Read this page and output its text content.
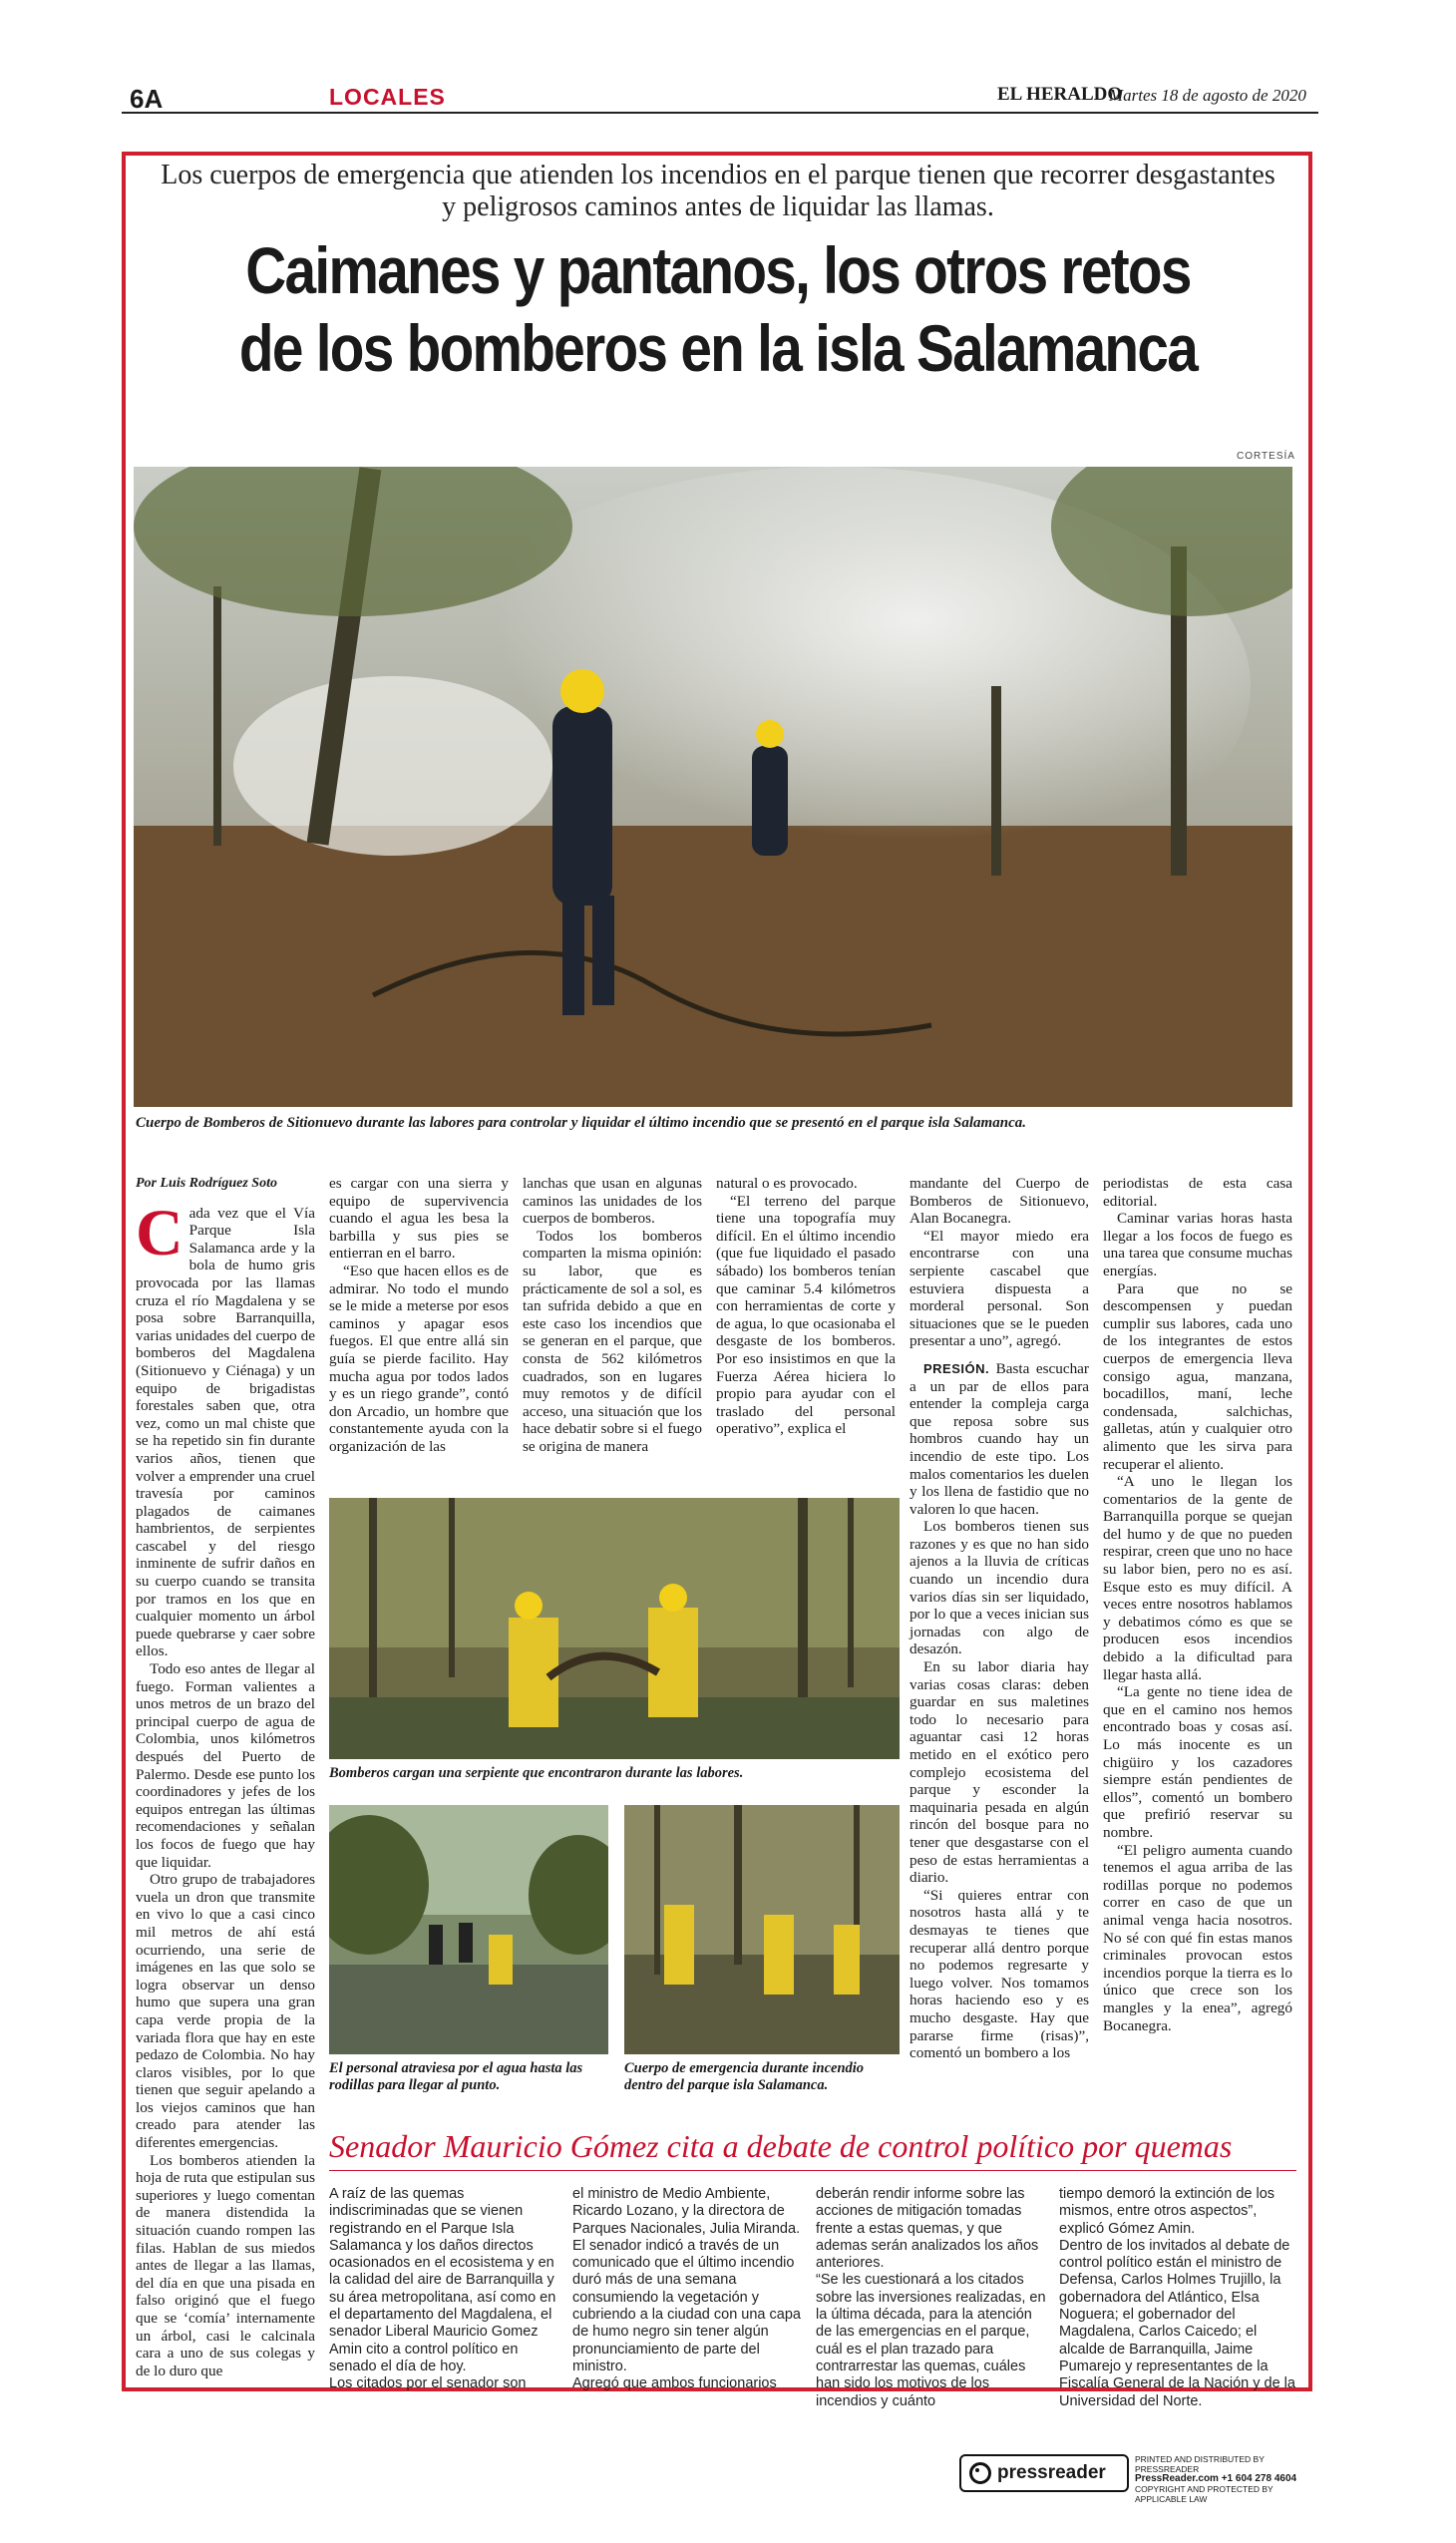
6A	LOCALES	EL HERALDO
Martes 18 de agosto de 2020
Los cuerpos de emergencia que atienden los incendios en el parque tienen que recorrer desgastantes y peligrosos caminos antes de liquidar las llamas.
Caimanes y pantanos, los otros retos de los bomberos en la isla Salamanca
CORTESÍA
Cuerpo de Bomberos de Sitionuevo durante las labores para controlar y liquidar el último incendio que se presentó en el parque isla Salamanca.
Por Luis Rodríguez Soto
C ada vez que el Vía Parque Isla Salamanca arde y la bola de humo gris provocada por las llamas cruza el río Magdalena y se posa sobre Barranquilla, varias unidades del cuerpo de bomberos del Magdalena (Sitionuevo y Ciénaga) y un equipo de brigadistas forestales saben que, otra vez, como un mal chiste que se ha repetido sin fin durante varios años, tienen que volver a emprender una cruel travesía por caminos plagados de caimanes hambrientos, de serpientes cascabel y del riesgo inminente de sufrir daños en su cuerpo cuando se transita por tramos en los que en cualquier momento un árbol puede quebrarse y caer sobre ellos.

Todo eso antes de llegar al fuego. Forman valientes a unos metros de un brazo del principal cuerpo de agua de Colombia, unos kilómetros después del Puerto de Palermo. Desde ese punto los coordinadores y jefes de los equipos entregan las últimas recomendaciones y señalan los focos de fuego que hay que liquidar.

Otro grupo de trabajadores vuela un dron que transmite en vivo lo que a casi cinco mil metros de ahí está ocurriendo, una serie de imágenes en las que solo se logra observar un denso humo que supera una gran capa verde propia de la variada flora que hay en este pedazo de Colombia. No hay claros visibles, por lo que tienen que seguir apelando a los viejos caminos que han creado para atender las diferentes emergencias.

Los bomberos atienden la hoja de ruta que estipulan sus superiores y luego comentan de manera distendida la situación cuando rompen las filas. Hablan de sus miedos antes de llegar a las llamas, del día en que una pisada en falso originó que el fuego que se ‘comía’ internamente un árbol, casi le calcinala cara a uno de sus colegas y de lo duro que

es cargar con una sierra y equipo de supervivencia cuando el agua les besa la barbilla y sus pies se entierran en el barro.

“Eso que hacen ellos es de admirar. No todo el mundo se le mide a meterse por esos caminos y apagar esos fuegos. El que entre allá sin guía se pierde facilito. Hay mucha agua por todos lados y es un riego grande”, contó don Arcadio, un hombre que constantemente ayuda con la organización de las

lanchas que usan en algunas caminos las unidades de los cuerpos de bomberos.

Todos los bomberos comparten la misma opinión: su labor, que es prácticamente de sol a sol, es tan sufrida debido a que en este caso los incendios que se generan en el parque, que consta de 562 kilómetros cuadrados, son en lugares muy remotos y de difícil acceso, una situación que los hace debatir sobre si el fuego se origina de manera

natural o es provocado.

“El terreno del parque tiene una topografía muy difícil. En el último incendio (que fue liquidado el pasado sábado) los bomberos tenían que caminar 5.4 kilómetros con herramientas de corte y de agua, lo que ocasionaba el desgaste de los bomberos. Por eso insistimos en que la Fuerza Aérea hiciera lo propio para ayudar con el traslado del personal operativo”, explica el

mandante del Cuerpo de Bomberos de Sitionuevo, Alan Bocanegra.

“El mayor miedo era encontrarse con una serpiente cascabel que estuviera dispuesta a morderal personal. Son situaciones que se le pueden presentar a uno”, agregó.

PRESIÓN. Basta escuchar a un par de ellos para entender la compleja carga que reposa sobre sus hombros cuando hay un incendio de este tipo. Los malos comentarios les duelen y los llena de fastidio que no valoren lo que hacen.

Los bomberos tienen sus razones y es que no han sido ajenos a la lluvia de críticas cuando un incendio dura varios días sin ser liquidado, por lo que a veces inician sus jornadas con algo de desazón.

En su labor diaria hay varias cosas claras: deben guardar en sus maletines todo lo necesario para aguantar casi 12 horas metido en el exótico pero complejo ecosistema del parque y esconder la maquinaria pesada en algún rincón del bosque para no tener que desgastarse con el peso de estas herramientas a diario.

“Si quieres entrar con nosotros hasta allá y te desmayas te tienes que recuperar allá dentro porque no podemos regresarte y luego volver. Nos tomamos horas haciendo eso y es mucho desgaste. Hay que pararse firme (risas)”, comentó un bombero a los

periodistas de esta casa editorial.

Caminar varias horas hasta llegar a los focos de fuego es una tarea que consume muchas energías.

Para que no se descompensen y puedan cumplir sus labores, cada uno de los integrantes de estos cuerpos de emergencia lleva consigo agua, manzana, bocadillos, maní, leche condensada, salchichas, galletas, atún y cualquier otro alimento que les sirva para recuperar el aliento.

“A uno le llegan los comentarios de la gente de Barranquilla porque se quejan del humo y de que no pueden respirar, creen que uno no hace su labor bien, pero no es así. Esque esto es muy difícil. A veces entre nosotros hablamos y debatimos cómo es que se producen esos incendios debido a la dificultad para llegar hasta allá.

“La gente no tiene idea de que en el camino nos hemos encontrado boas y cosas así. Lo más inocente es un chigüiro y los cazadores siempre están pendientes de ellos”, comentó un bombero que prefirió reservar su nombre.

“El peligro aumenta cuando tenemos el agua arriba de las rodillas porque no podemos correr en caso de que un animal venga hacia nosotros. No sé con qué fin estas manos criminales provocan estos incendios porque la tierra es lo único que crece son los mangles y la enea”, agregó Bocanegra.

Bomberos cargan una serpiente que encontraron durante las labores.
El personal atraviesa por el agua hasta las rodillas para llegar al punto.
Cuerpo de emergencia durante incendio dentro del parque isla Salamanca.
Senador Mauricio Gómez cita a debate de control político por quemas
A raíz de las quemas indiscriminadas que se vienen registrando en el Parque Isla Salamanca y los daños directos ocasionados en el ecosistema y en la calidad del aire de Barranquilla y su área metropolitana, así como en el departamento del Magdalena, el senador Liberal Mauricio Gomez Amin cito a control político en senado el día de hoy.
Los citados por el senador son
el ministro de Medio Ambiente, Ricardo Lozano, y la directora de Parques Nacionales, Julia Miranda.
El senador indicó a través de un comunicado que el último incendio duró más de una semana consumiendo la vegetación y cubriendo a la ciudad con una capa de humo negro sin tener algún pronunciamiento de parte del ministro.
Agregó que ambos funcionarios
deberán rendir informe sobre las acciones de mitigación tomadas frente a estas quemas, y que ademas serán analizados los años anteriores.
“Se les cuestionará a los citados sobre las inversiones realizadas, en la última década, para la atención de las emergencias en el parque, cuál es el plan trazado para contrarrestar las quemas, cuáles han sido los motivos de los incendios y cuánto
tiempo demoró la extinción de los mismos, entre otros aspectos”, explicó Gómez Amin.
Dentro de los invitados al debate de control político están el ministro de Defensa, Carlos Holmes Trujillo, la gobernadora del Atlántico, Elsa Noguera; el gobernador del Magdalena, Carlos Caicedo; el alcalde de Barranquilla, Jaime Pumarejo y representantes de la Fiscalía General de la Nación y de la Universidad del Norte.
pressreader
PRINTED AND DISTRIBUTED BY PRESSREADER
PressReader.com +1 604 278 4604
COPYRIGHT AND PROTECTED BY APPLICABLE LAW
